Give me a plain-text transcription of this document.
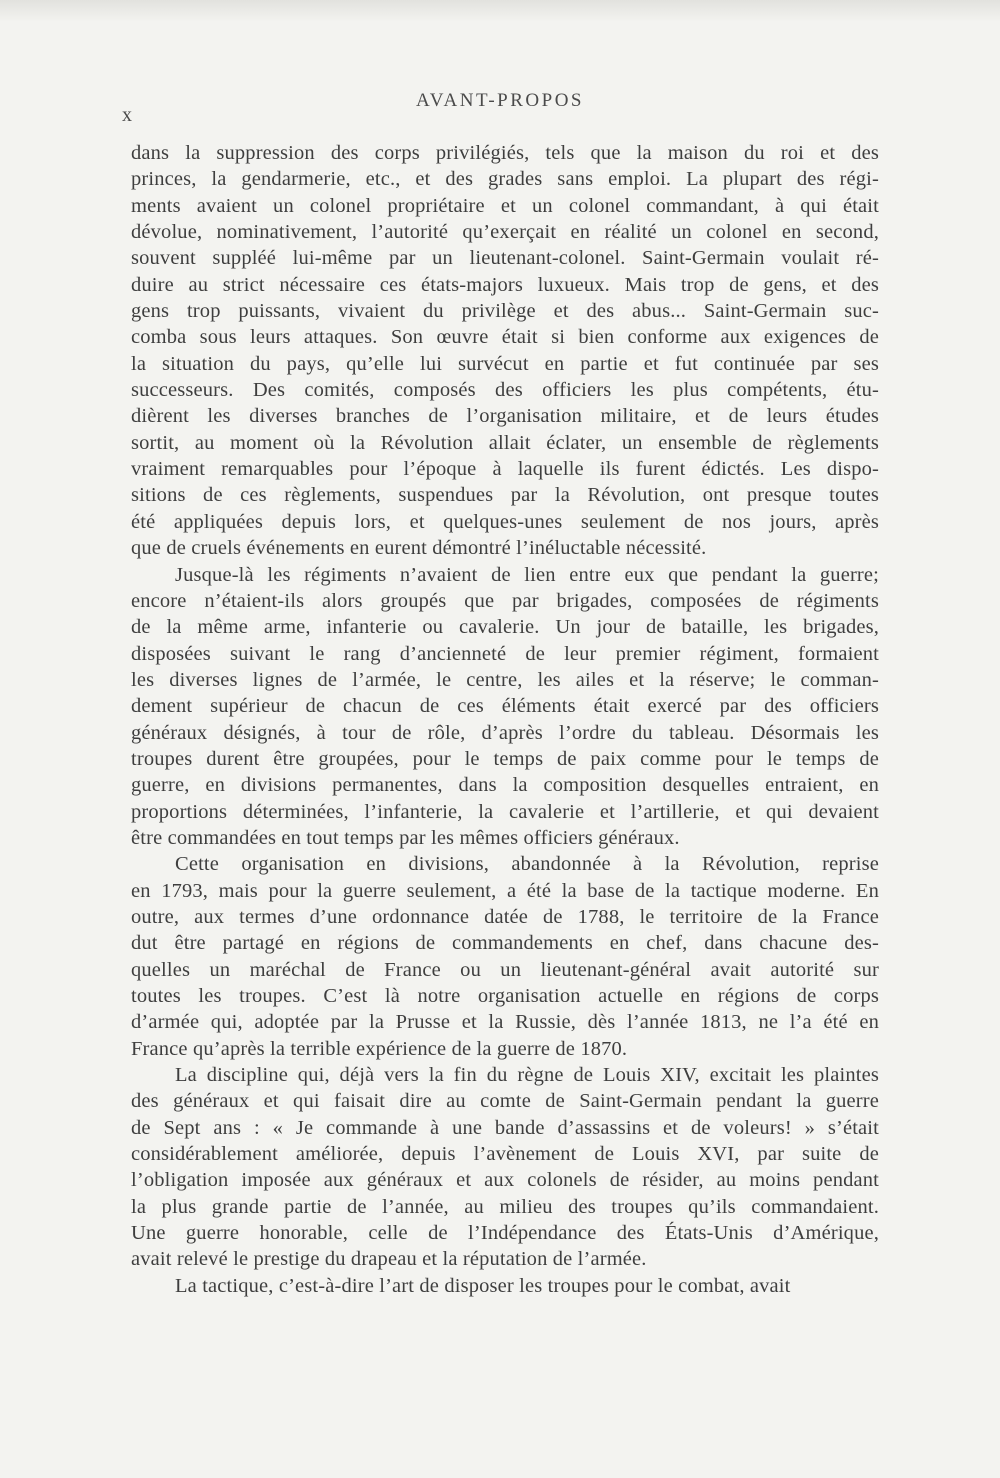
x
AVANT-PROPOS
dans la suppression des corps privilégiés, tels que la maison du roi et des
princes, la gendarmerie, etc., et des grades sans emploi. La plupart des régi-
ments avaient un colonel propriétaire et un colonel commandant, à qui était
dévolue, nominativement, l’autorité qu’exerçait en réalité un colonel en second,
souvent suppléé lui-même par un lieutenant-colonel. Saint-Germain voulait ré-
duire au strict nécessaire ces états-majors luxueux. Mais trop de gens, et des
gens trop puissants, vivaient du privilège et des abus... Saint-Germain suc-
comba sous leurs attaques. Son œuvre était si bien conforme aux exigences de
la situation du pays, qu’elle lui survécut en partie et fut continuée par ses
successeurs. Des comités, composés des officiers les plus compétents, étu-
dièrent les diverses branches de l’organisation militaire, et de leurs études
sortit, au moment où la Révolution allait éclater, un ensemble de règlements
vraiment remarquables pour l’époque à laquelle ils furent édictés. Les dispo-
sitions de ces règlements, suspendues par la Révolution, ont presque toutes
été appliquées depuis lors, et quelques-unes seulement de nos jours, après
que de cruels événements en eurent démontré l’inéluctable nécessité.
Jusque-là les régiments n’avaient de lien entre eux que pendant la guerre;
encore n’étaient-ils alors groupés que par brigades, composées de régiments
de la même arme, infanterie ou cavalerie. Un jour de bataille, les brigades,
disposées suivant le rang d’ancienneté de leur premier régiment, formaient
les diverses lignes de l’armée, le centre, les ailes et la réserve; le comman-
dement supérieur de chacun de ces éléments était exercé par des officiers
généraux désignés, à tour de rôle, d’après l’ordre du tableau. Désormais les
troupes durent être groupées, pour le temps de paix comme pour le temps de
guerre, en divisions permanentes, dans la composition desquelles entraient, en
proportions déterminées, l’infanterie, la cavalerie et l’artillerie, et qui devaient
être commandées en tout temps par les mêmes officiers généraux.
Cette organisation en divisions, abandonnée à la Révolution, reprise
en 1793, mais pour la guerre seulement, a été la base de la tactique moderne. En
outre, aux termes d’une ordonnance datée de 1788, le territoire de la France
dut être partagé en régions de commandements en chef, dans chacune des-
quelles un maréchal de France ou un lieutenant-général avait autorité sur
toutes les troupes. C’est là notre organisation actuelle en régions de corps
d’armée qui, adoptée par la Prusse et la Russie, dès l’année 1813, ne l’a été en
France qu’après la terrible expérience de la guerre de 1870.
La discipline qui, déjà vers la fin du règne de Louis XIV, excitait les plaintes
des généraux et qui faisait dire au comte de Saint-Germain pendant la guerre
de Sept ans : « Je commande à une bande d’assassins et de voleurs! » s’était
considérablement améliorée, depuis l’avènement de Louis XVI, par suite de
l’obligation imposée aux généraux et aux colonels de résider, au moins pendant
la plus grande partie de l’année, au milieu des troupes qu’ils commandaient.
Une guerre honorable, celle de l’Indépendance des États-Unis d’Amérique,
avait relevé le prestige du drapeau et la réputation de l’armée.
La tactique, c’est-à-dire l’art de disposer les troupes pour le combat, avait
